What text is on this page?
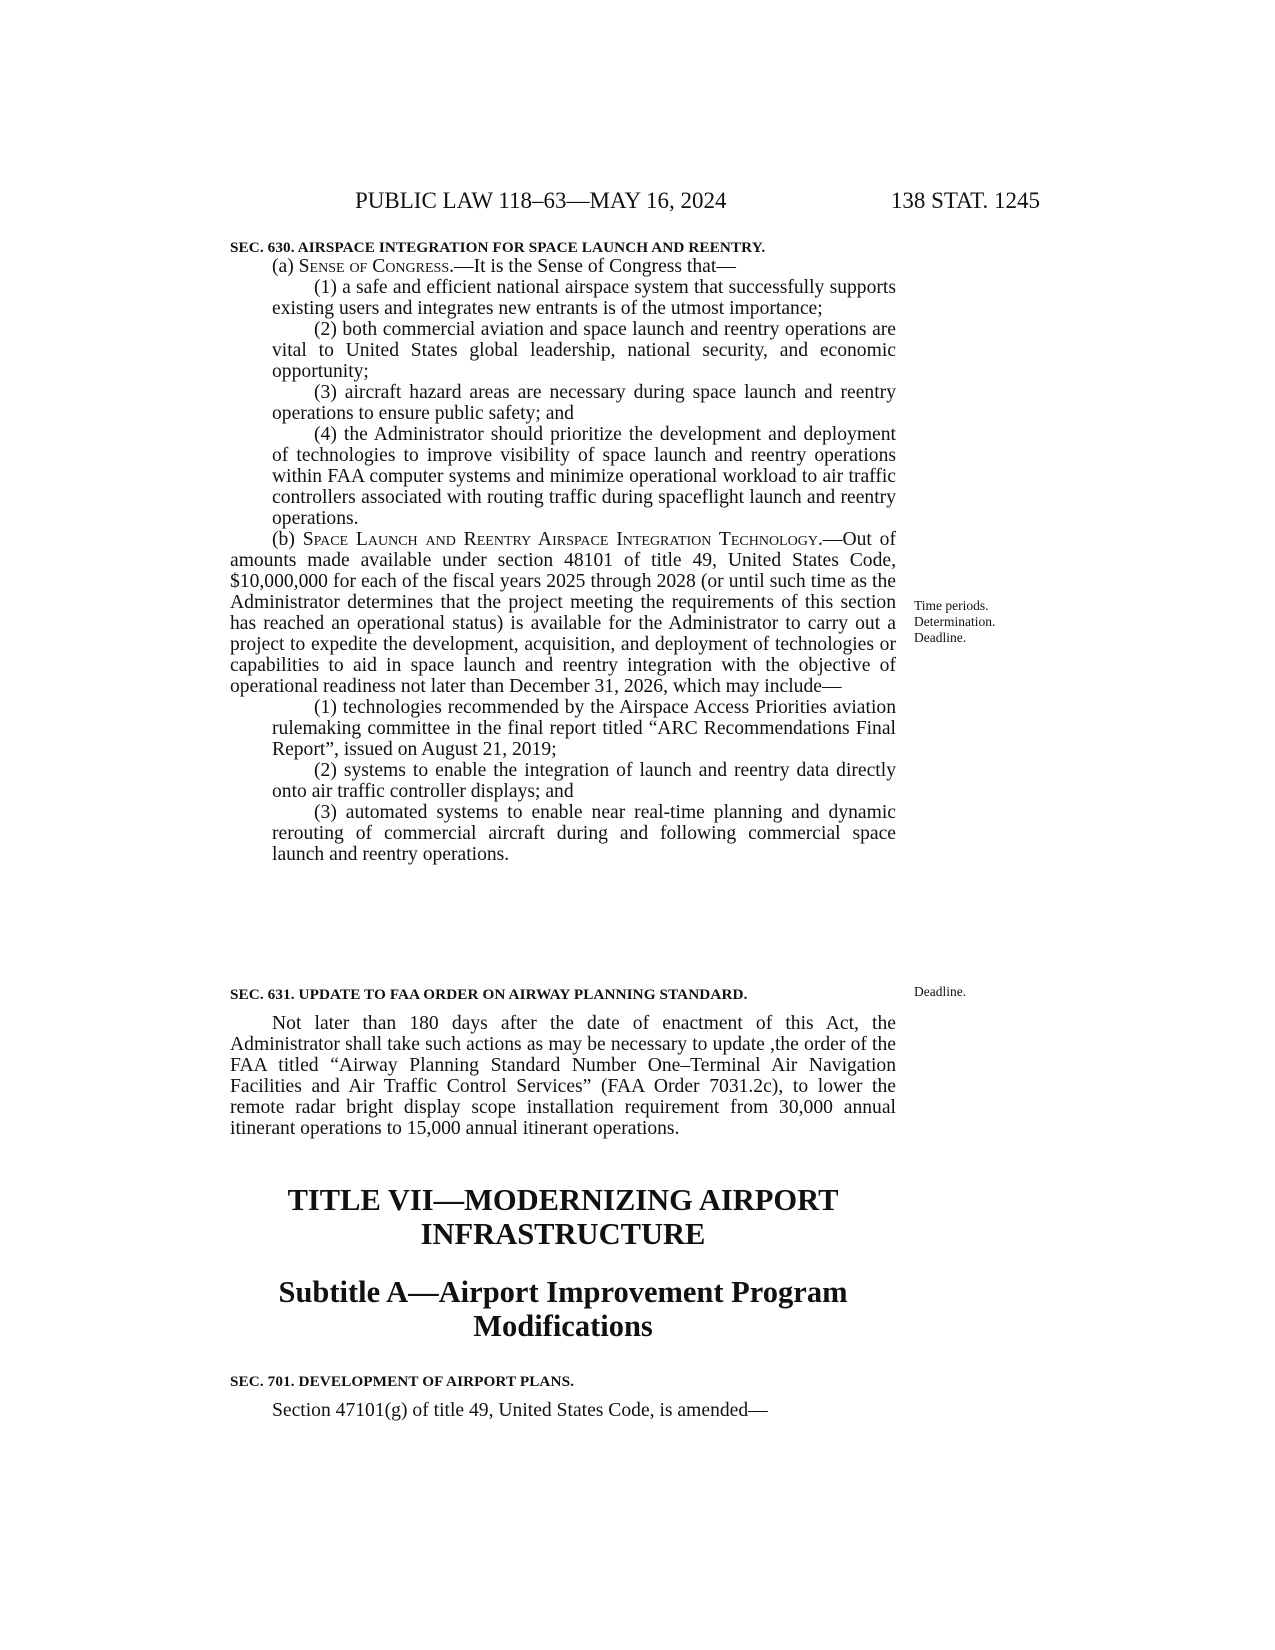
PUBLIC LAW 118–63—MAY 16, 2024	138 STAT. 1245
SEC. 630. AIRSPACE INTEGRATION FOR SPACE LAUNCH AND REENTRY.

(a) Sense of Congress.—It is the Sense of Congress that—

(1) a safe and efficient national airspace system that successfully supports existing users and integrates new entrants is of the utmost importance;

(2) both commercial aviation and space launch and reentry operations are vital to United States global leadership, national security, and economic opportunity;

(3) aircraft hazard areas are necessary during space launch and reentry operations to ensure public safety; and

(4) the Administrator should prioritize the development and deployment of technologies to improve visibility of space launch and reentry operations within FAA computer systems and minimize operational workload to air traffic controllers associated with routing traffic during spaceflight launch and reentry operations.

(b) Space Launch and Reentry Airspace Integration Technology.—Out of amounts made available under section 48101 of title 49, United States Code, $10,000,000 for each of the fiscal years 2025 through 2028 (or until such time as the Administrator determines that the project meeting the requirements of this section has reached an operational status) is available for the Administrator to carry out a project to expedite the development, acquisition, and deployment of technologies or capabilities to aid in space launch and reentry integration with the objective of operational readiness not later than December 31, 2026, which may include—

(1) technologies recommended by the Airspace Access Priorities aviation rulemaking committee in the final report titled “ARC Recommendations Final Report”, issued on August 21, 2019;

(2) systems to enable the integration of launch and reentry data directly onto air traffic controller displays; and

(3) automated systems to enable near real-time planning and dynamic rerouting of commercial aircraft during and following commercial space launch and reentry operations.

Time periods.
Determination.
Deadline.
SEC. 631. UPDATE TO FAA ORDER ON AIRWAY PLANNING STANDARD.	Deadline.

Not later than 180 days after the date of enactment of this Act, the Administrator shall take such actions as may be necessary to update ,the order of the FAA titled “Airway Planning Standard Number One–Terminal Air Navigation Facilities and Air Traffic Control Services” (FAA Order 7031.2c), to lower the remote radar bright display scope installation requirement from 30,000 annual itinerant operations to 15,000 annual itinerant operations.

TITLE VII—MODERNIZING AIRPORT
INFRASTRUCTURE
Subtitle A—Airport Improvement Program
Modifications
SEC. 701. DEVELOPMENT OF AIRPORT PLANS.

Section 47101(g) of title 49, United States Code, is amended—
